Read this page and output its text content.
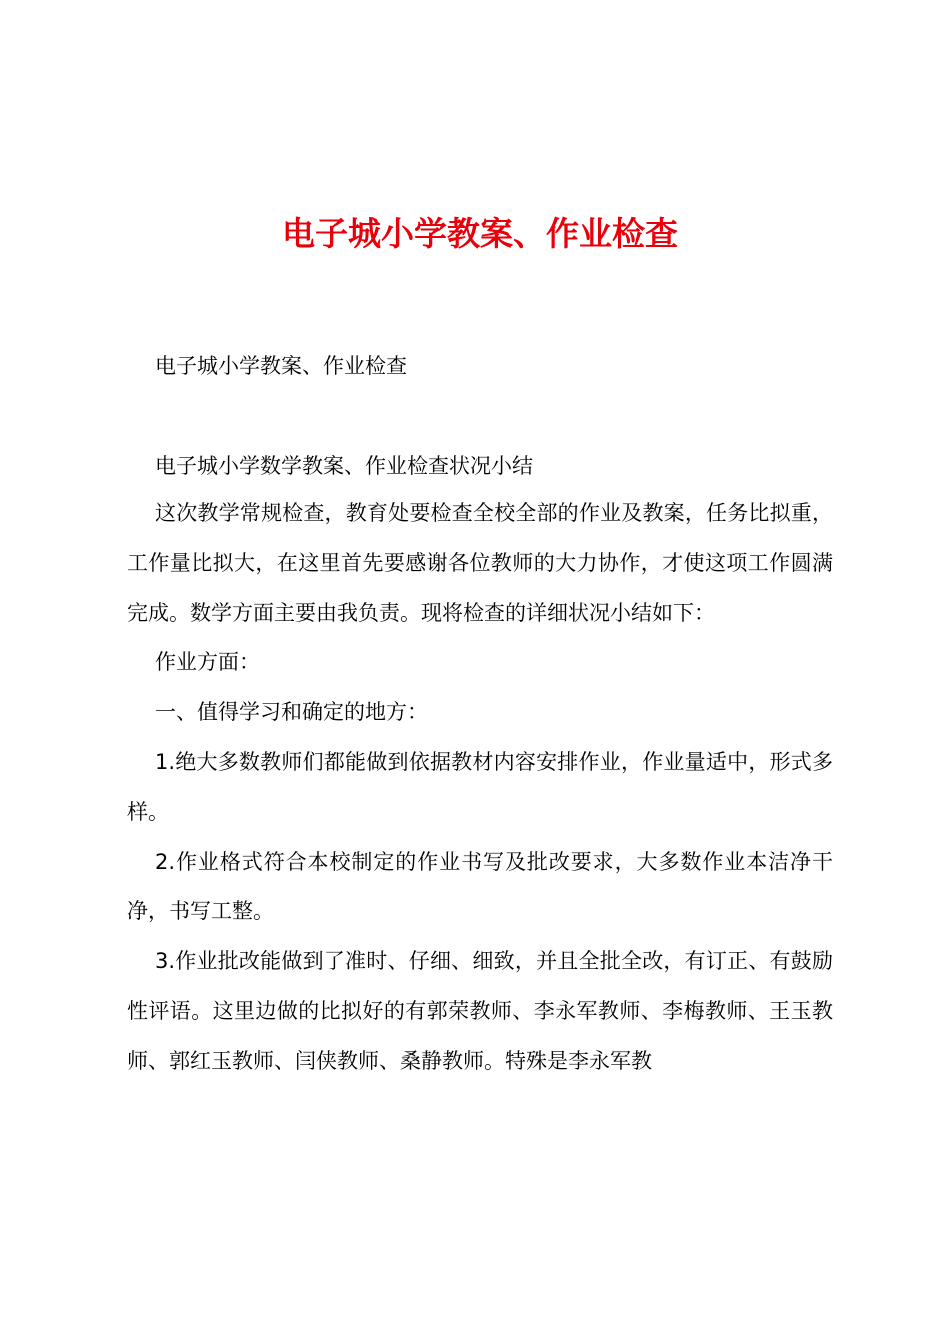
电子城小学教案、作业检查

电子城小学教案、作业检查

电子城小学数学教案、作业检查状况小结

这次教学常规检查，教育处要检查全校全部的作业及教案，任务比拟重，工作量比拟大，在这里首先要感谢各位教师的大力协作，才使这项工作圆满完成。数学方面主要由我负责。现将检查的详细状况小结如下：

作业方面：

一、值得学习和确定的地方：

1.绝大多数教师们都能做到依据教材内容安排作业，作业量适中，形式多样。

2.作业格式符合本校制定的作业书写及批改要求，大多数作业本洁净干净，书写工整。

3.作业批改能做到了准时、仔细、细致，并且全批全改，有订正、有鼓励性评语。这里边做的比拟好的有郭荣教师、李永军教师、李梅教师、王玉教师、郭红玉教师、闫侠教师、桑静教师。特殊是李永军教
